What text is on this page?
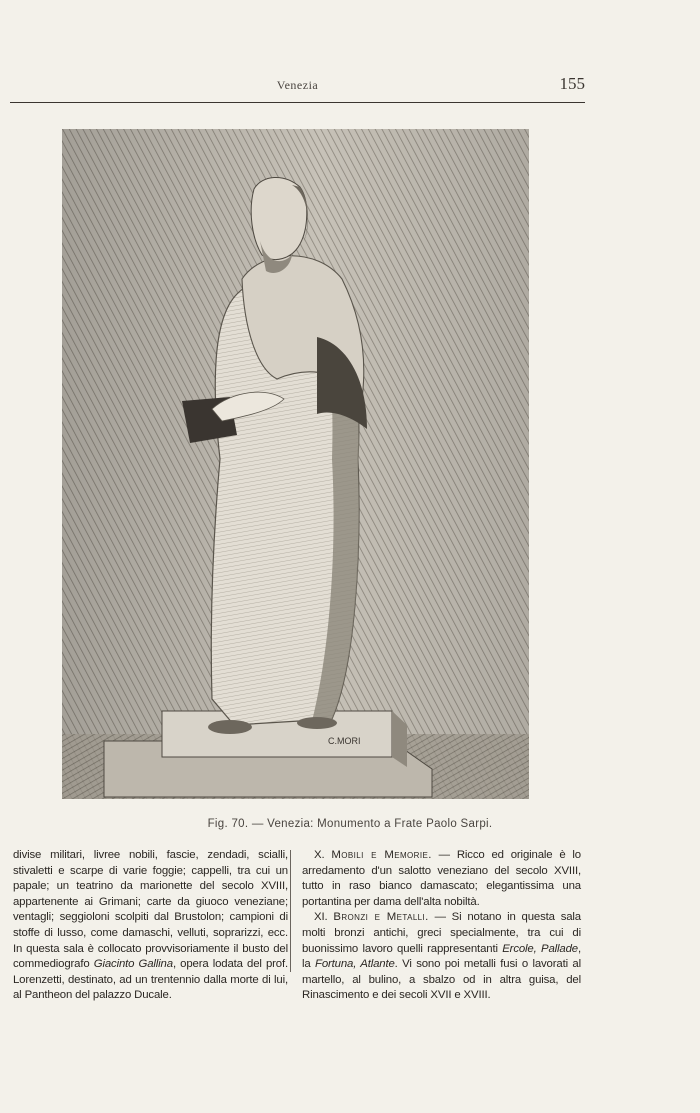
Venezia	155
C.MORI
Fig. 70. — Venezia: Monumento a Frate Paolo Sarpi.

divise militari, livree nobili, fascie, zendadi, scialli, stivaletti e scarpe di varie foggie; cappelli, tra cui un papale; un teatrino da marionette del secolo XVIII, appartenente ai Grimani; carte da giuoco veneziane; ventagli; seggioloni scolpiti dal Brustolon; campioni di stoffe di lusso, come damaschi, velluti, soprarizzi, ecc. In questa sala è collocato provvisoriamente il busto del commediografo Giacinto Gallina, opera lodata del prof. Lorenzetti, destinato, ad un trentennio dalla morte di lui, al Pantheon del palazzo Ducale.

X. Mobili e Memorie. — Ricco ed originale è lo arredamento d'un salotto veneziano del secolo XVIII, tutto in raso bianco damascato; elegantissima una portantina per dama dell'alta nobiltà.

XI. Bronzi e Metalli. — Si notano in questa sala molti bronzi antichi, greci specialmente, tra cui di buonissimo lavoro quelli rappresentanti Ercole, Pallade, la Fortuna, Atlante. Vi sono poi metalli fusi o lavorati al martello, al bulino, a sbalzo od in altra guisa, del Rinascimento e dei secoli XVII e XVIII.
